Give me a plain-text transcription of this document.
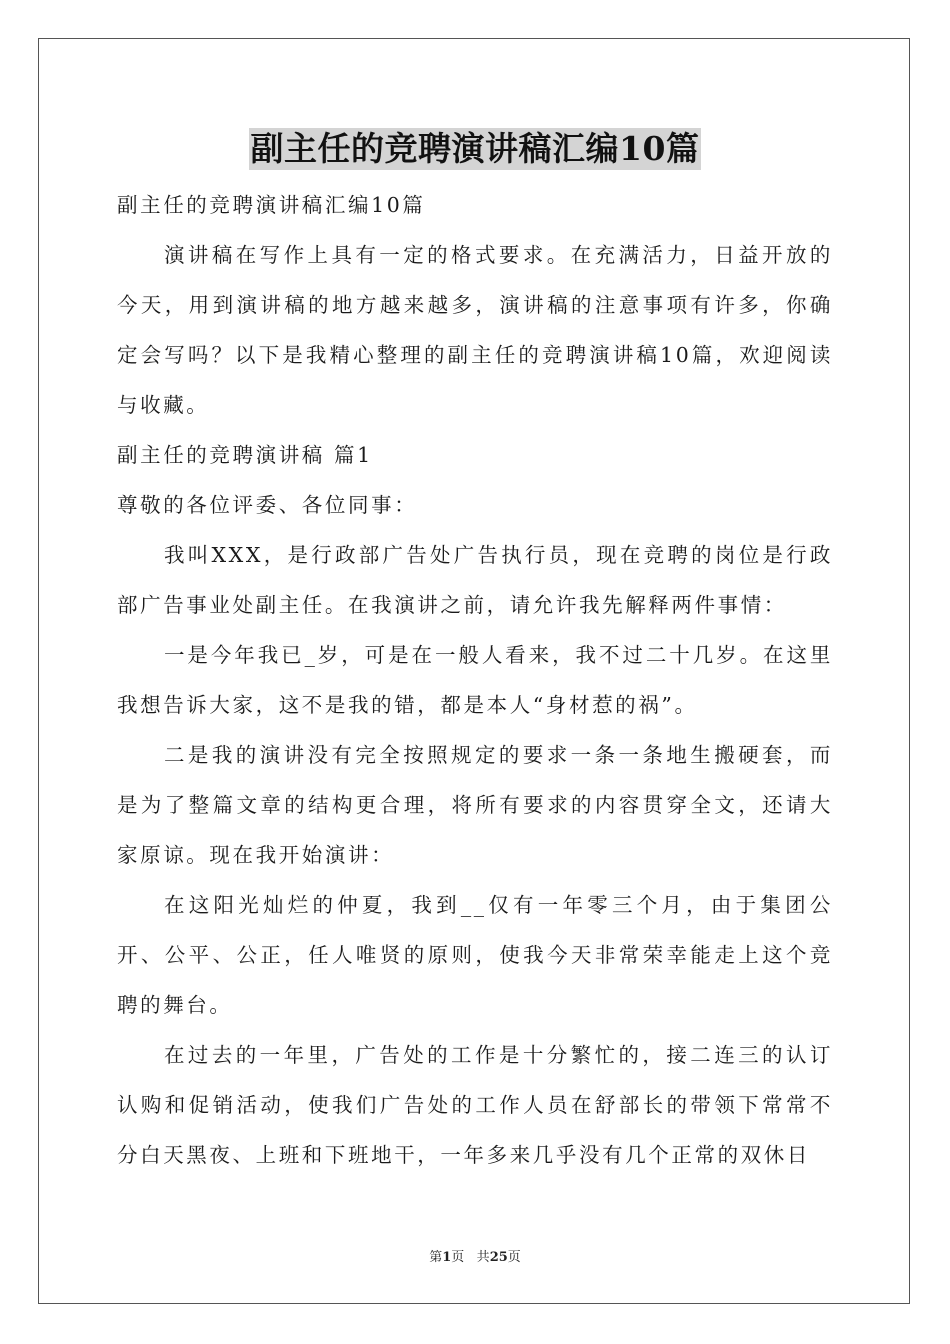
副主任的竞聘演讲稿汇编10篇

副主任的竞聘演讲稿汇编10篇

演讲稿在写作上具有一定的格式要求。在充满活力，日益开放的今天，用到演讲稿的地方越来越多，演讲稿的注意事项有许多，你确定会写吗？以下是我精心整理的副主任的竞聘演讲稿10篇，欢迎阅读与收藏。

副主任的竞聘演讲稿 篇1

尊敬的各位评委、各位同事：

我叫XXX，是行政部广告处广告执行员，现在竞聘的岗位是行政部广告事业处副主任。在我演讲之前，请允许我先解释两件事情：

一是今年我已_岁，可是在一般人看来，我不过二十几岁。在这里我想告诉大家，这不是我的错，都是本人“身材惹的祸”。

二是我的演讲没有完全按照规定的要求一条一条地生搬硬套，而是为了整篇文章的结构更合理，将所有要求的内容贯穿全文，还请大家原谅。现在我开始演讲：

在这阳光灿烂的仲夏，我到__仅有一年零三个月，由于集团公开、公平、公正，任人唯贤的原则，使我今天非常荣幸能走上这个竞聘的舞台。

在过去的一年里，广告处的工作是十分繁忙的，接二连三的认订认购和促销活动，使我们广告处的工作人员在舒部长的带领下常常不分白天黑夜、上班和下班地干，一年多来几乎没有几个正常的双休日

第1页 共25页
